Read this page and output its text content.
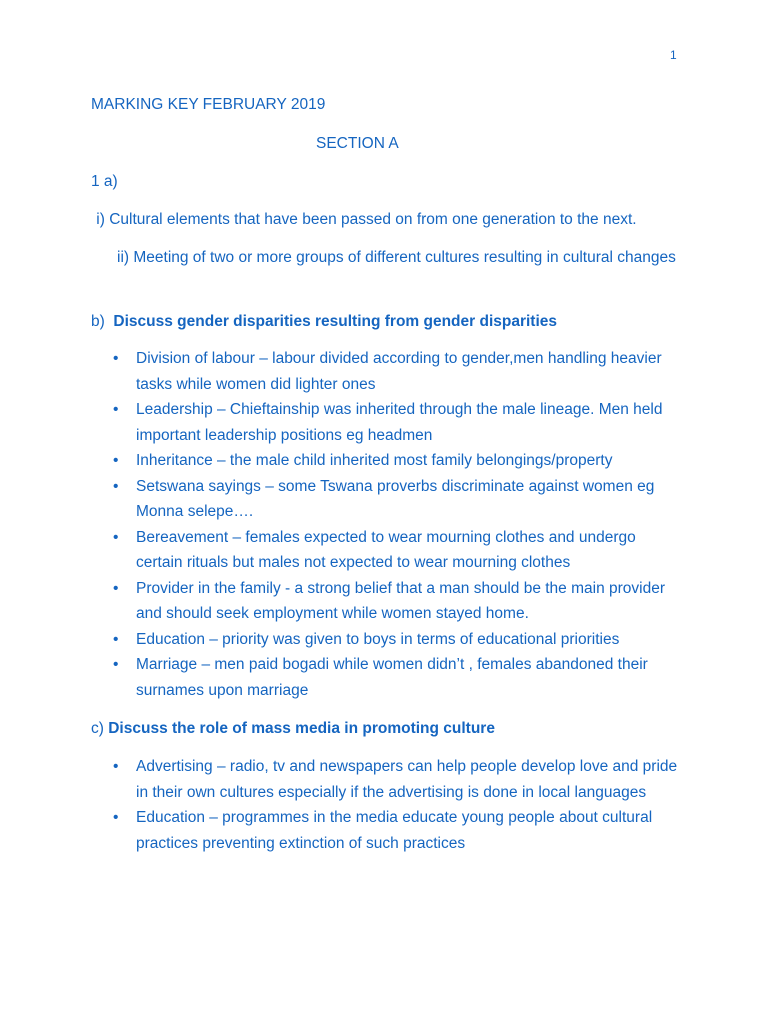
1
MARKING KEY FEBRUARY 2019
SECTION A
1 a)
i) Cultural elements that have been passed on from one generation to the next.
ii) Meeting of two or more groups of different cultures resulting in cultural changes
b) Discuss gender disparities resulting from gender disparities
• Division of labour – labour divided according to gender,men handling heavier tasks while women did lighter ones
• Leadership – Chieftainship was inherited through the male lineage. Men held important leadership positions eg headmen
• Inheritance – the male child inherited most family belongings/property
• Setswana sayings – some Tswana proverbs discriminate against women eg Monna selepe….
• Bereavement – females expected to wear mourning clothes and undergo certain rituals but males not expected to wear mourning clothes
• Provider in the family - a strong belief that a man should be the main provider and should seek employment while women stayed home.
• Education – priority was given to boys in terms of educational priorities
• Marriage – men paid bogadi while women didn’t , females abandoned their surnames upon marriage
c) Discuss the role of mass media in promoting culture
• Advertising – radio, tv and newspapers can help people develop love and pride in their own cultures especially if the advertising is done in local languages
• Education – programmes in the media educate young people about cultural practices preventing extinction of such practices
